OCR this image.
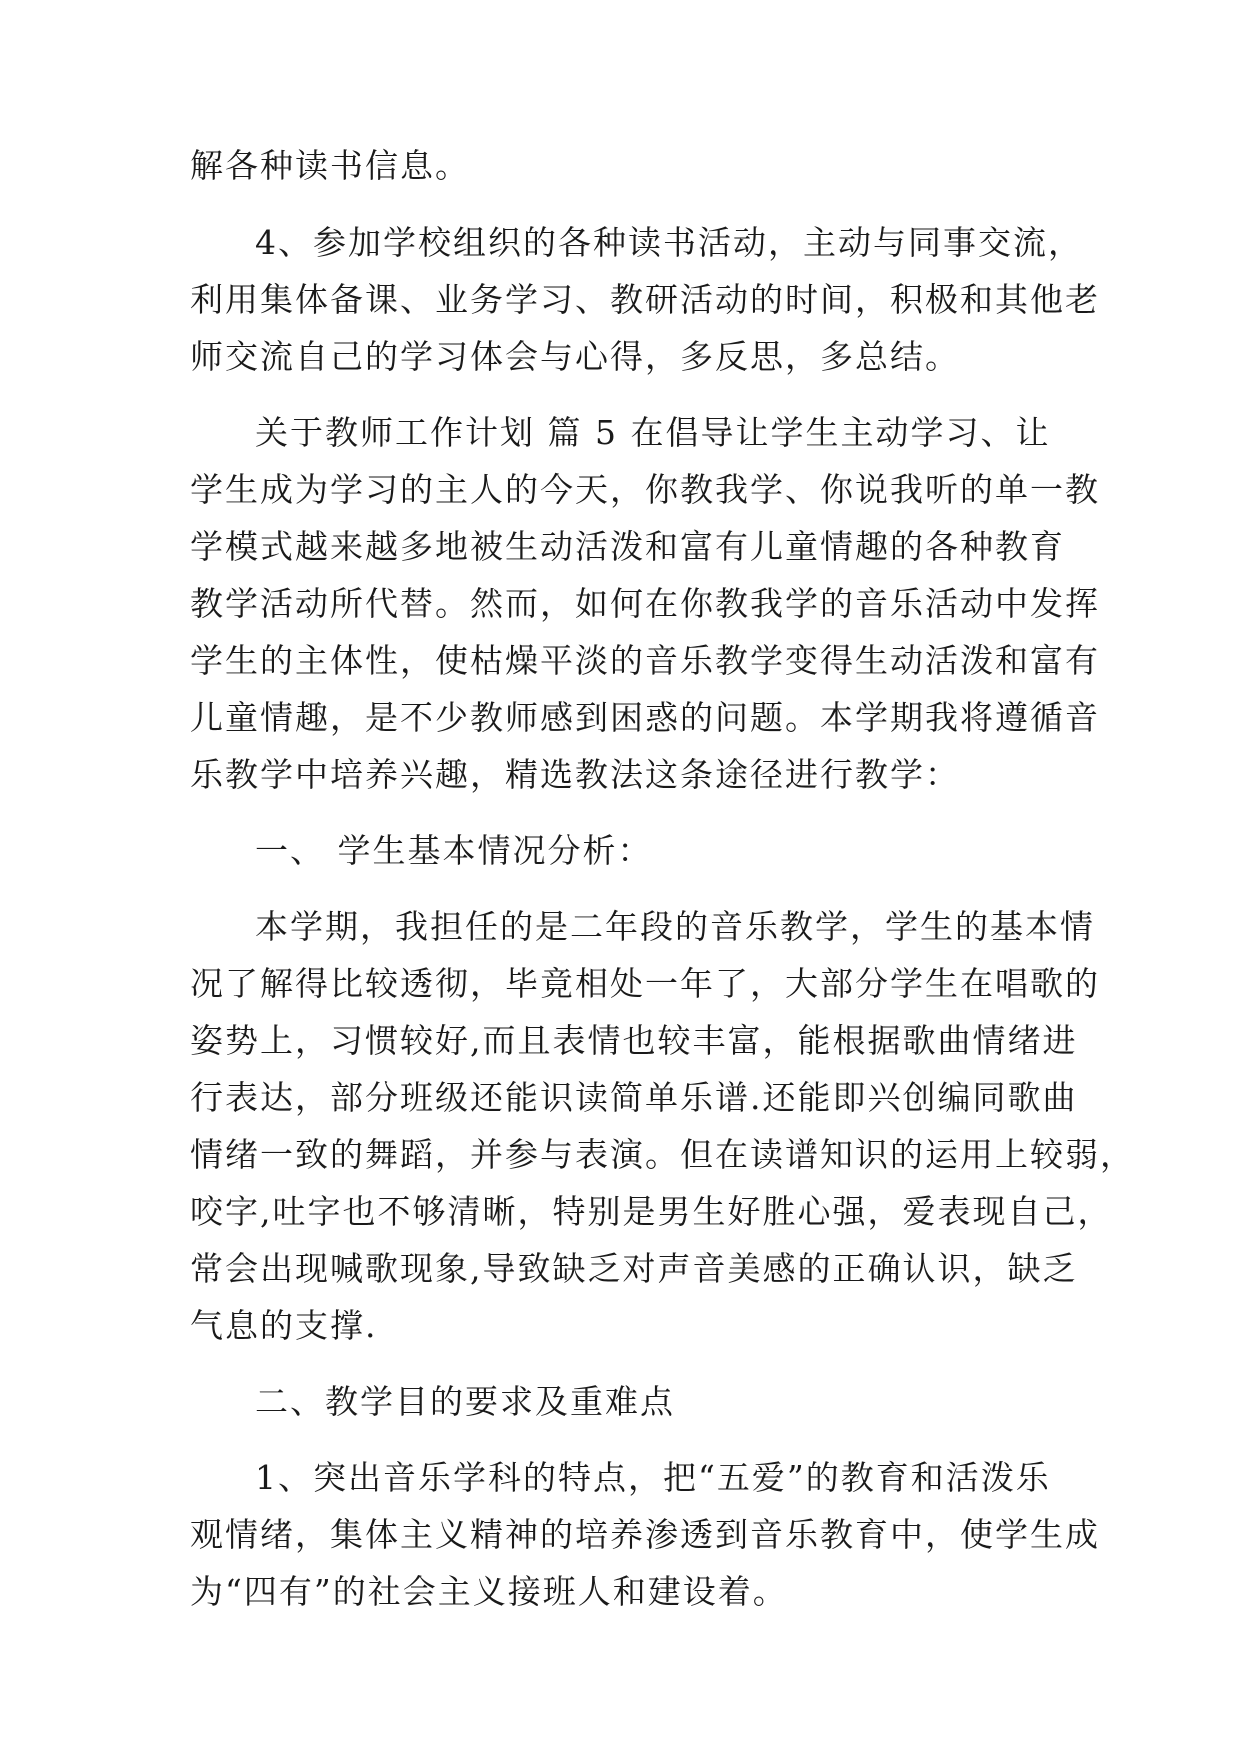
解各种读书信息。
4、参加学校组织的各种读书活动，主动与同事交流，
利用集体备课、业务学习、教研活动的时间，积极和其他老
师交流自己的学习体会与心得，多反思，多总结。
关于教师工作计划 篇 5 在倡导让学生主动学习、让
学生成为学习的主人的今天，你教我学、你说我听的单一教
学模式越来越多地被生动活泼和富有儿童情趣的各种教育
教学活动所代替。然而，如何在你教我学的音乐活动中发挥
学生的主体性，使枯燥平淡的音乐教学变得生动活泼和富有
儿童情趣，是不少教师感到困惑的问题。本学期我将遵循音
乐教学中培养兴趣，精选教法这条途径进行教学：
一、 学生基本情况分析：
本学期，我担任的是二年段的音乐教学，学生的基本情
况了解得比较透彻，毕竟相处一年了，大部分学生在唱歌的
姿势上，习惯较好,而且表情也较丰富，能根据歌曲情绪进
行表达，部分班级还能识读简单乐谱.还能即兴创编同歌曲
情绪一致的舞蹈，并参与表演。但在读谱知识的运用上较弱，
咬字,吐字也不够清晰，特别是男生好胜心强，爱表现自己，
常会出现喊歌现象,导致缺乏对声音美感的正确认识，缺乏
气息的支撑.
二、教学目的要求及重难点
1、突出音乐学科的特点，把“五爱”的教育和活泼乐
观情绪，集体主义精神的培养渗透到音乐教育中，使学生成
为“四有”的社会主义接班人和建设着。
